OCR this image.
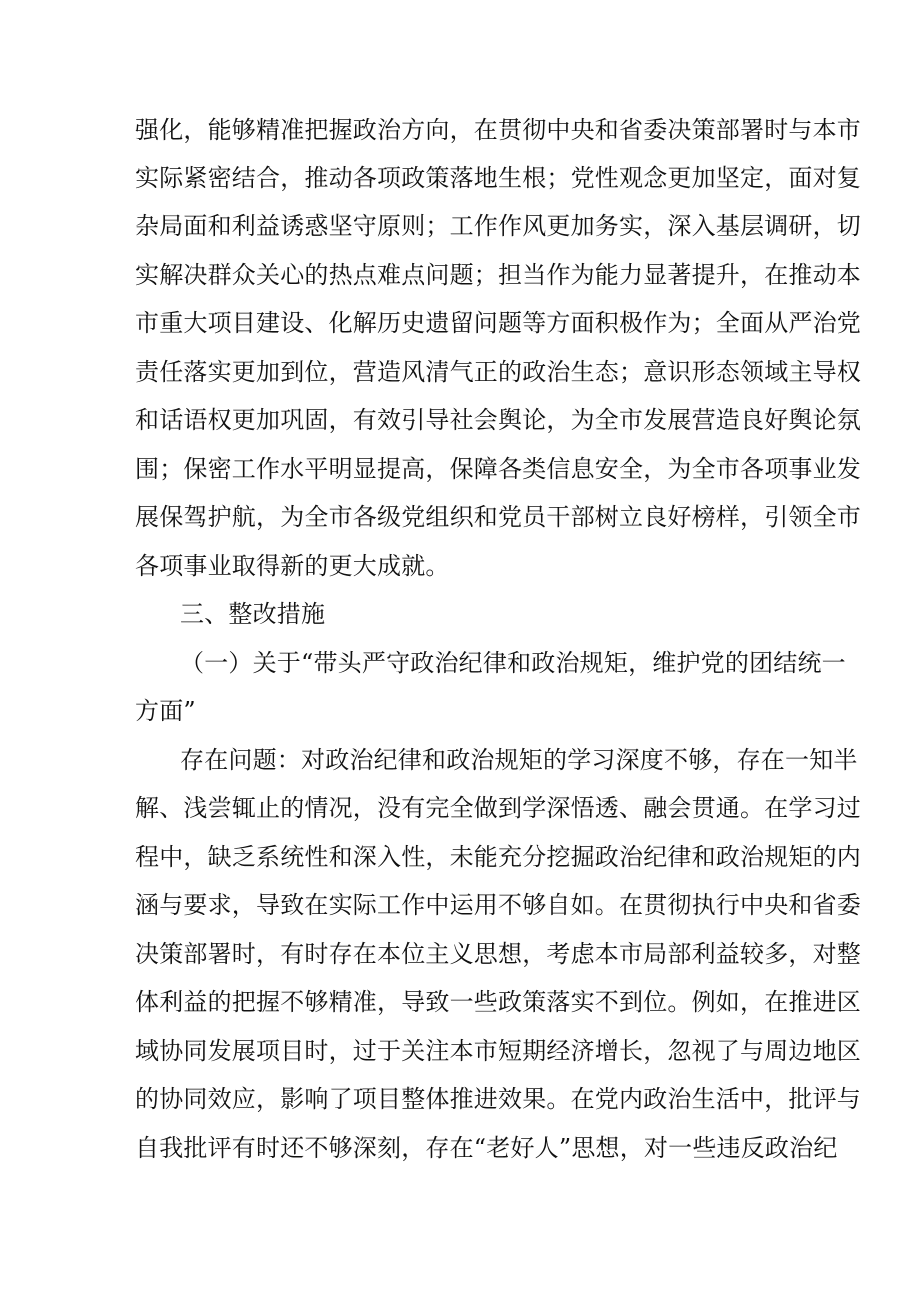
强化，能够精准把握政治方向，在贯彻中央和省委决策部署时与本市
实际紧密结合，推动各项政策落地生根；党性观念更加坚定，面对复
杂局面和利益诱惑坚守原则；工作作风更加务实，深入基层调研，切
实解决群众关心的热点难点问题；担当作为能力显著提升，在推动本
市重大项目建设、化解历史遗留问题等方面积极作为；全面从严治党
责任落实更加到位，营造风清气正的政治生态；意识形态领域主导权
和话语权更加巩固，有效引导社会舆论，为全市发展营造良好舆论氛
围；保密工作水平明显提高，保障各类信息安全，为全市各项事业发
展保驾护航，为全市各级党组织和党员干部树立良好榜样，引领全市
各项事业取得新的更大成就。
三、整改措施
（一）关于“带头严守政治纪律和政治规矩，维护党的团结统一
方面”
存在问题：对政治纪律和政治规矩的学习深度不够，存在一知半
解、浅尝辄止的情况，没有完全做到学深悟透、融会贯通。在学习过
程中，缺乏系统性和深入性，未能充分挖掘政治纪律和政治规矩的内
涵与要求，导致在实际工作中运用不够自如。在贯彻执行中央和省委
决策部署时，有时存在本位主义思想，考虑本市局部利益较多，对整
体利益的把握不够精准，导致一些政策落实不到位。例如，在推进区
域协同发展项目时，过于关注本市短期经济增长，忽视了与周边地区
的协同效应，影响了项目整体推进效果。在党内政治生活中，批评与
自我批评有时还不够深刻，存在“老好人”思想，对一些违反政治纪
